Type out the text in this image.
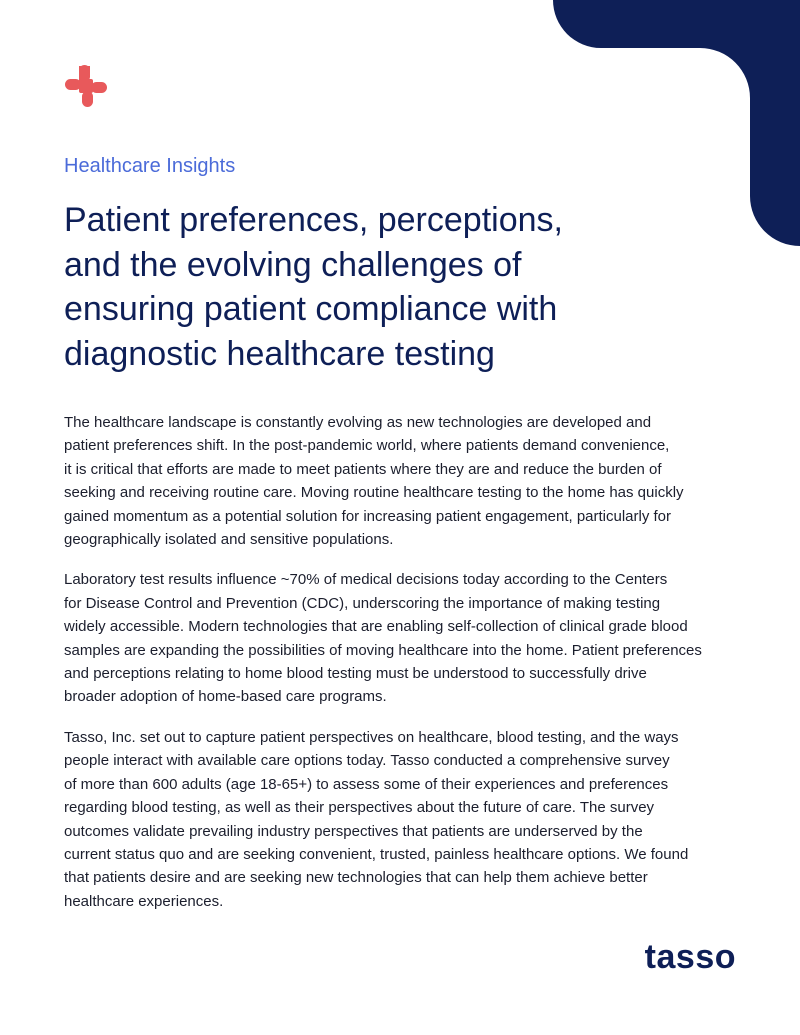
Healthcare Insights
Patient preferences, perceptions,
and the evolving challenges of
ensuring patient compliance with
diagnostic healthcare testing

The healthcare landscape is constantly evolving as new technologies are developed and
patient preferences shift. In the post-pandemic world, where patients demand convenience,
it is critical that efforts are made to meet patients where they are and reduce the burden of
seeking and receiving routine care. Moving routine healthcare testing to the home has quickly
gained momentum as a potential solution for increasing patient engagement, particularly for
geographically isolated and sensitive populations.

Laboratory test results influence ~70% of medical decisions today according to the Centers
for Disease Control and Prevention (CDC), underscoring the importance of making testing
widely accessible. Modern technologies that are enabling self-collection of clinical grade blood
samples are expanding the possibilities of moving healthcare into the home. Patient preferences
and perceptions relating to home blood testing must be understood to successfully drive
broader adoption of home-based care programs.

Tasso, Inc. set out to capture patient perspectives on healthcare, blood testing, and the ways
people interact with available care options today. Tasso conducted a comprehensive survey
of more than 600 adults (age 18-65+) to assess some of their experiences and preferences
regarding blood testing, as well as their perspectives about the future of care. The survey
outcomes validate prevailing industry perspectives that patients are underserved by the
current status quo and are seeking convenient, trusted, painless healthcare options. We found
that patients desire and are seeking new technologies that can help them achieve better
healthcare experiences.

tasso
